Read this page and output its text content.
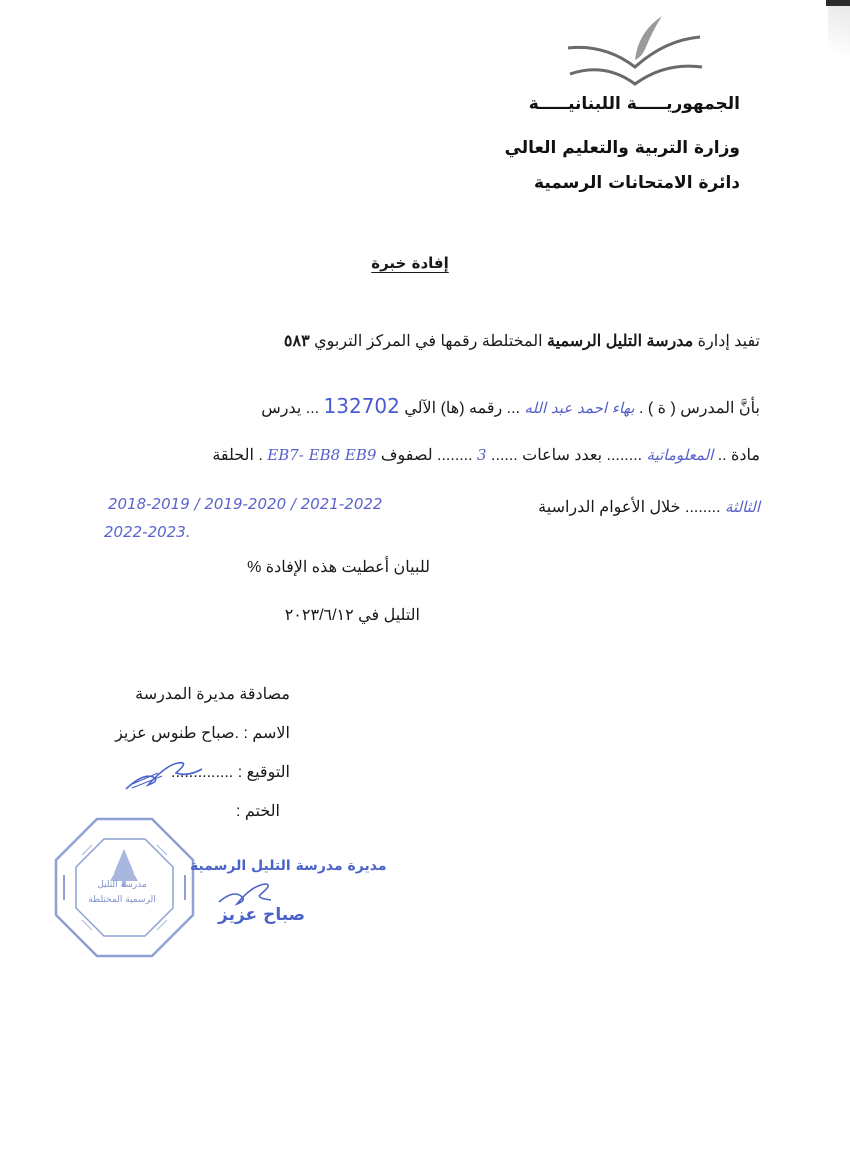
الجمهوريـــــة اللبنانيـــــة
وزارة التربية والتعليم العالي
دائرة الامتحانات الرسمية
إفادة خبرة
تفيد إدارة مدرسة التليل الرسمية المختلطة رقمها في المركز التربوي ٥٨٣
بأنَّ المدرس ( ة ) . بهاء احمد عبد الله ... رقمه (ها) الآلي 132702 ... يدرس
مادة .. المعلوماتية ........ بعدد ساعات ...... 3 ........ لصفوف EB7- EB8 EB9 . الحلقة
الثالثة ........ خلال الأعوام الدراسية
2018-2019 / 2019-2020 / 2021-2022
2022-2023.
للبيان أعطيت هذه الإفادة %
التليل في ٢٠٢٣/٦/١٢
مصادقة مديرة المدرسة
الاسم : .صباح طنوس عزيز
التوقيع : ..............
الختم :
مدرسة التليل
الرسمية المختلطة
مديرة مدرسة التليل الرسمية
صباح عزيز
